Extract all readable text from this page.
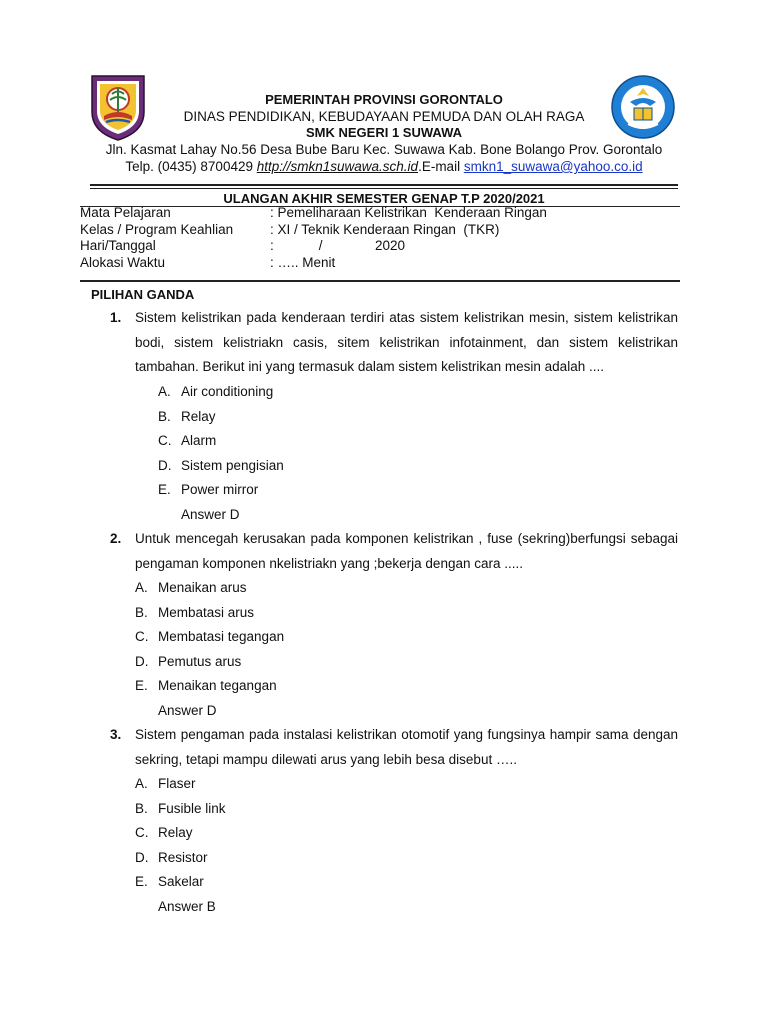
PEMERINTAH PROVINSI GORONTALO
DINAS PENDIDIKAN, KEBUDAYAAN PEMUDA DAN OLAH RAGA
SMK NEGERI 1 SUWAWA
Jln. Kasmat Lahay No.56 Desa Bube Baru Kec. Suwawa Kab. Bone Bolango Prov. Gorontalo
Telp. (0435) 8700429 http://smkn1suwawa.sch.id.E-mail smkn1_suwawa@yahoo.co.id
ULANGAN AKHIR SEMESTER GENAP T.P 2020/2021
Mata Pelajaran	: Pemeliharaan Kelistrikan  Kenderaan Ringan
Kelas / Program Keahlian	: XI / Teknik Kenderaan Ringan  (TKR)
Hari/Tanggal	:            /              2020
Alokasi Waktu	: ….. Menit
PILIHAN GANDA
1. Sistem kelistrikan pada kenderaan terdiri atas sistem kelistrikan mesin, sistem kelistrikan bodi, sistem kelistriakn casis, sitem kelistrikan infotainment, dan sistem kelistrikan tambahan. Berikut ini yang termasuk dalam sistem kelistrikan mesin adalah ....
A. Air conditioning
B. Relay
C. Alarm
D. Sistem pengisian
E. Power mirror
Answer D
2. Untuk mencegah kerusakan pada komponen kelistrikan , fuse (sekring)berfungsi sebagai pengaman komponen nkelistriakn yang ;bekerja dengan cara .....
A. Menaikan arus
B. Membatasi arus
C. Membatasi tegangan
D. Pemutus arus
E. Menaikan tegangan
Answer D
3. Sistem pengaman pada instalasi kelistrikan otomotif yang fungsinya hampir sama dengan sekring, tetapi mampu dilewati arus yang lebih besa disebut …..
A. Flaser
B. Fusible link
C. Relay
D. Resistor
E. Sakelar
Answer B
